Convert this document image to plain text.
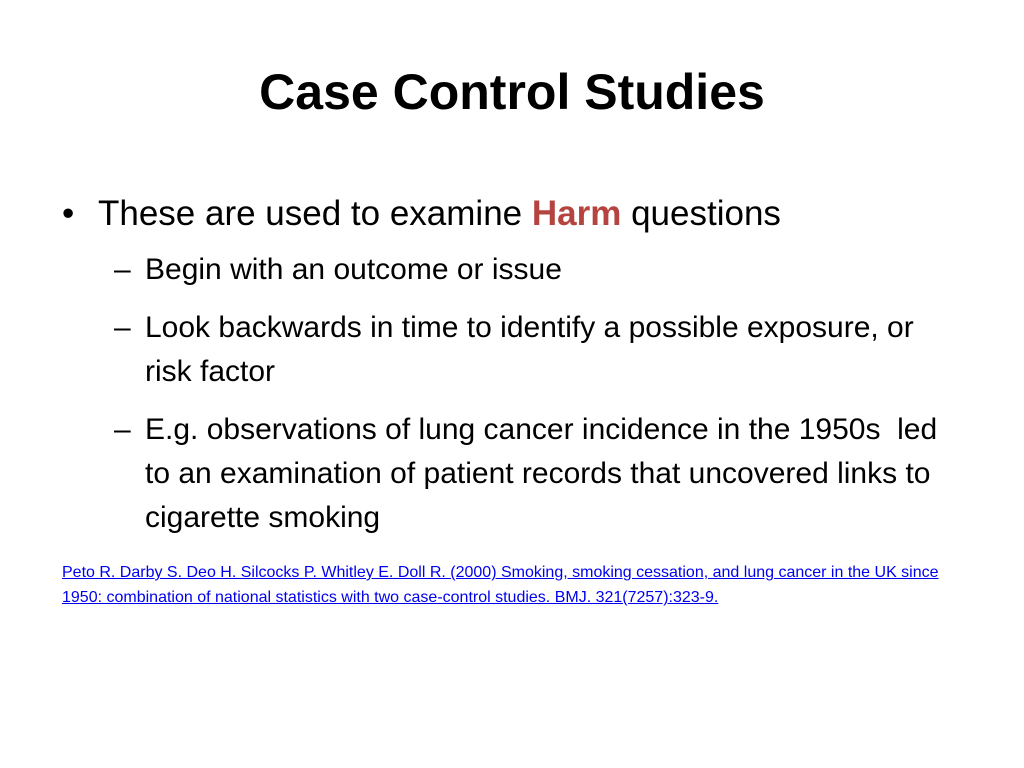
Case Control Studies
• These are used to examine Harm questions
– Begin with an outcome or issue
– Look backwards in time to identify a possible exposure, or risk factor
– E.g. observations of lung cancer incidence in the 1950s  led to an examination of patient records that uncovered links to cigarette smoking
Peto R. Darby S. Deo H. Silcocks P. Whitley E. Doll R. (2000) Smoking, smoking cessation, and lung cancer in the UK since 1950: combination of national statistics with two case-control studies. BMJ. 321(7257):323-9.
